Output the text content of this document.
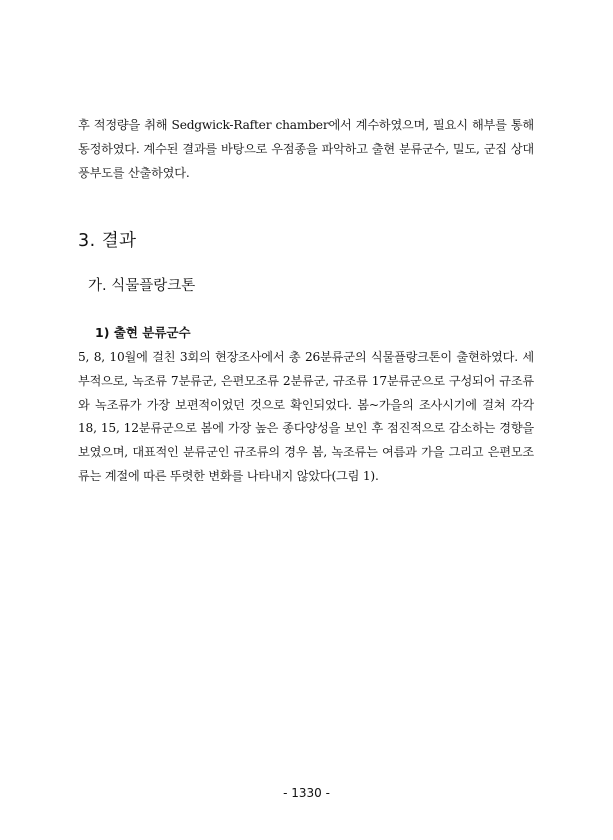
후 적정량을 취해 Sedgwick-Rafter chamber에서 계수하였으며, 필요시 해부를 통해 동정하였다. 계수된 결과를 바탕으로 우점종을 파악하고 출현 분류군수, 밀도, 군집 상대풍부도를 산출하였다.

3. 결과
가. 식물플랑크톤
1) 출현 분류군수

5, 8, 10월에 걸친 3회의 현장조사에서 총 26분류군의 식물플랑크톤이 출현하였다. 세부적으로, 녹조류 7분류군, 은편모조류 2분류군, 규조류 17분류군으로 구성되어 규조류와 녹조류가 가장 보편적이었던 것으로 확인되었다. 봄~가을의 조사시기에 걸쳐 각각 18, 15, 12분류군으로 봄에 가장 높은 종다양성을 보인 후 점진적으로 감소하는 경향을 보였으며, 대표적인 분류군인 규조류의 경우 봄, 녹조류는 여름과 가을 그리고 은편모조류는 계절에 따른 뚜렷한 변화를 나타내지 않았다(그림 1).

- 1330 -
